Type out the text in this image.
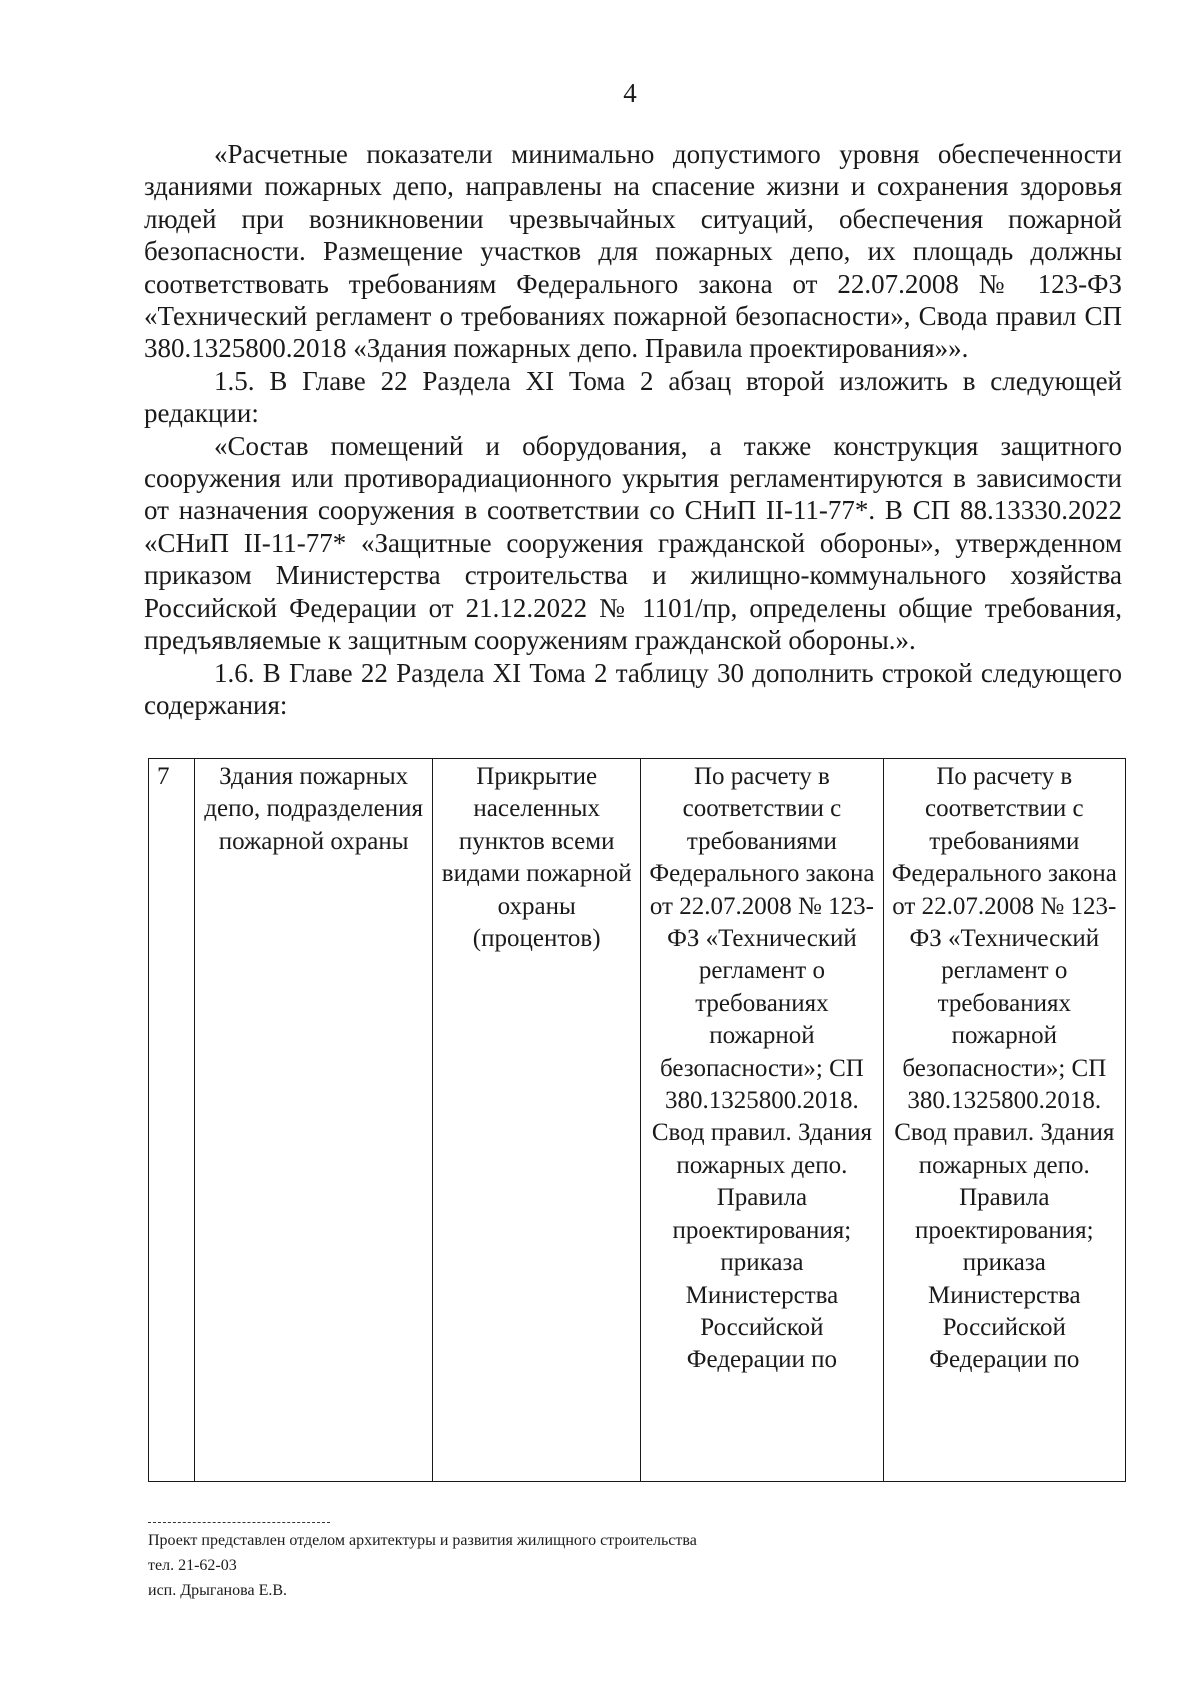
4

«Расчетные показатели минимально допустимого уровня обеспеченности зданиями пожарных депо, направлены на спасение жизни и сохранения здоровья людей при возникновении чрезвычайных ситуаций, обеспечения пожарной безопасности. Размещение участков для пожарных депо, их площадь должны соответствовать требованиям Федерального закона от 22.07.2008 № 123-ФЗ «Технический регламент о требованиях пожарной безопасности», Свода правил СП 380.1325800.2018 «Здания пожарных депо. Правила проектирования»».

1.5. В Главе 22 Раздела XI Тома 2 абзац второй изложить в следующей редакции:

«Состав помещений и оборудования, а также конструкция защитного сооружения или противорадиационного укрытия регламентируются в зависимости от назначения сооружения в соответствии со СНиП II-11-77*. В СП 88.13330.2022 «СНиП II-11-77* «Защитные сооружения гражданской обороны», утвержденном приказом Министерства строительства и жилищно-коммунального хозяйства Российской Федерации от 21.12.2022 № 1101/пр, определены общие требования, предъявляемые к защитным сооружениям гражданской обороны.».

1.6. В Главе 22 Раздела XI Тома 2 таблицу 30 дополнить строкой следующего содержания:

7	Здания пожарных депо, подразделения пожарной охраны	Прикрытие населенных пунктов всеми видами пожарной охраны (процентов)	По расчету в соответствии с требованиями Федерального закона от 22.07.2008 № 123-ФЗ «Технический регламент о требованиях пожарной безопасности»; СП 380.1325800.2018. Свод правил. Здания пожарных депо. Правила проектирования; приказа Министерства Российской Федерации по	По расчету в соответствии с требованиями Федерального закона от 22.07.2008 № 123-ФЗ «Технический регламент о требованиях пожарной безопасности»; СП 380.1325800.2018. Свод правил. Здания пожарных депо. Правила проектирования; приказа Министерства Российской Федерации по
Проект представлен отделом архитектуры и развития жилищного строительства
тел. 21-62-03
исп. Дрыганова Е.В.
